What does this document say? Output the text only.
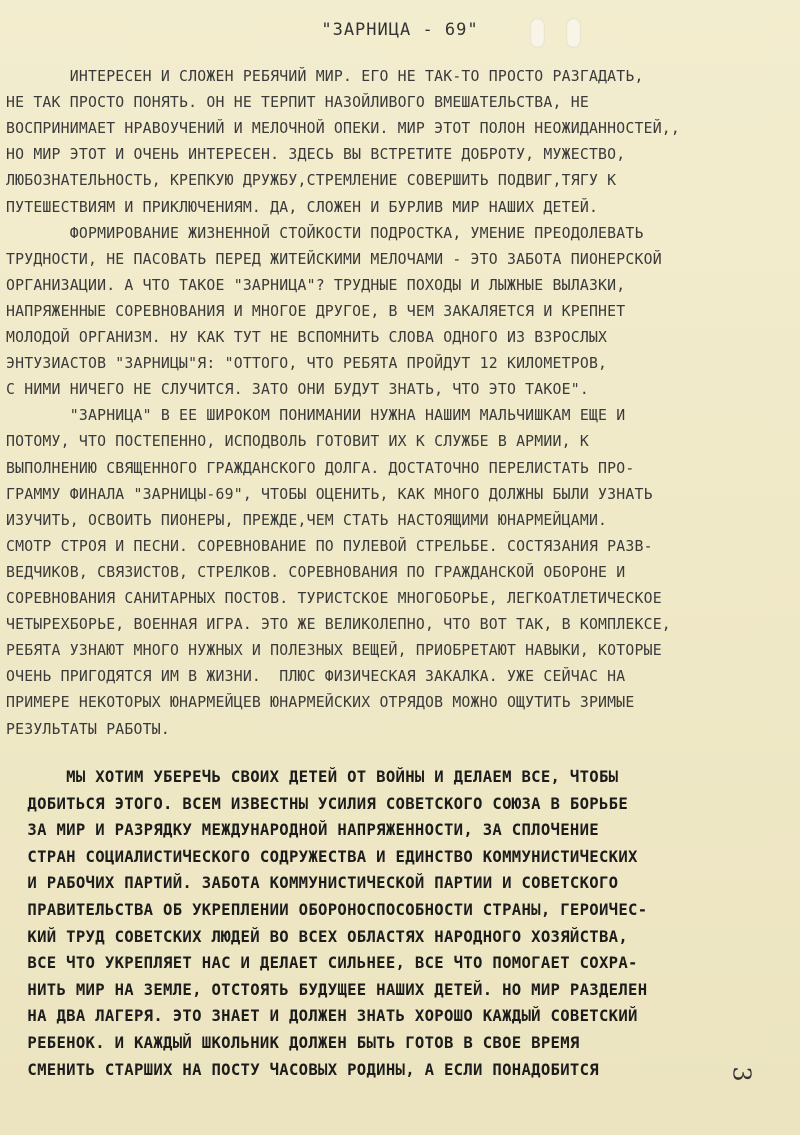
"ЗАРНИЦА - 69"
ИНТЕРЕСЕН И СЛОЖЕН РЕБЯЧИЙ МИР. ЕГО НЕ ТАК-ТО ПРОСТО РАЗГАДАТЬ,
НЕ ТАК ПРОСТО ПОНЯТЬ. ОН НЕ ТЕРПИТ НАЗОЙЛИВОГО ВМЕШАТЕЛЬСТВА, НЕ
ВОСПРИНИМАЕТ НРАВОУЧЕНИЙ И МЕЛОЧНОЙ ОПЕКИ. МИР ЭТОТ ПОЛОН НЕОЖИДАННОСТЕЙ,,
НО МИР ЭТОТ И ОЧЕНЬ ИНТЕРЕСЕН. ЗДЕСЬ ВЫ ВСТРЕТИТЕ ДОБРОТУ, МУЖЕСТВО,
ЛЮБОЗНАТЕЛЬНОСТЬ, КРЕПКУЮ ДРУЖБУ,СТРЕМЛЕНИЕ СОВЕРШИТЬ ПОДВИГ,ТЯГУ К
ПУТЕШЕСТВИЯМ И ПРИКЛЮЧЕНИЯМ. ДА, СЛОЖЕН И БУРЛИВ МИР НАШИХ ДЕТЕЙ.
ФОРМИРОВАНИЕ ЖИЗНЕННОЙ СТОЙКОСТИ ПОДРОСТКА, УМЕНИЕ ПРЕОДОЛЕВАТЬ
ТРУДНОСТИ, НЕ ПАСОВАТЬ ПЕРЕД ЖИТЕЙСКИМИ МЕЛОЧАМИ - ЭТО ЗАБОТА ПИОНЕРСКОЙ
ОРГАНИЗАЦИИ. А ЧТО ТАКОЕ "ЗАРНИЦА"? ТРУДНЫЕ ПОХОДЫ И ЛЫЖНЫЕ ВЫЛАЗКИ,
НАПРЯЖЕННЫЕ СОРЕВНОВАНИЯ И МНОГОЕ ДРУГОЕ, В ЧЕМ ЗАКАЛЯЕТСЯ И КРЕПНЕТ
МОЛОДОЙ ОРГАНИЗМ. НУ КАК ТУТ НЕ ВСПОМНИТЬ СЛОВА ОДНОГО ИЗ ВЗРОСЛЫХ
ЭНТУЗИАСТОВ "ЗАРНИЦЫ"Я: "ОТТОГО, ЧТО РЕБЯТА ПРОЙДУТ 12 КИЛОМЕТРОВ,
С НИМИ НИЧЕГО НЕ СЛУЧИТСЯ. ЗАТО ОНИ БУДУТ ЗНАТЬ, ЧТО ЭТО ТАКОЕ".
"ЗАРНИЦА" В ЕЕ ШИРОКОМ ПОНИМАНИИ НУЖНА НАШИМ МАЛЬЧИШКАМ ЕЩЕ И
ПОТОМУ, ЧТО ПОСТЕПЕННО, ИСПОДВОЛЬ ГОТОВИТ ИХ К СЛУЖБЕ В АРМИИ, К
ВЫПОЛНЕНИЮ СВЯЩЕННОГО ГРАЖДАНСКОГО ДОЛГА. ДОСТАТОЧНО ПЕРЕЛИСТАТЬ ПРО-
ГРАММУ ФИНАЛА "ЗАРНИЦЫ-69", ЧТОБЫ ОЦЕНИТЬ, КАК МНОГО ДОЛЖНЫ БЫЛИ УЗНАТЬ
ИЗУЧИТЬ, ОСВОИТЬ ПИОНЕРЫ, ПРЕЖДЕ,ЧЕМ СТАТЬ НАСТОЯЩИМИ ЮНАРМЕЙЦАМИ.
СМОТР СТРОЯ И ПЕСНИ. СОРЕВНОВАНИЕ ПО ПУЛЕВОЙ СТРЕЛЬБЕ. СОСТЯЗАНИЯ РАЗВ-
ВЕДЧИКОВ, СВЯЗИСТОВ, СТРЕЛКОВ. СОРЕВНОВАНИЯ ПО ГРАЖДАНСКОЙ ОБОРОНЕ И
СОРЕВНОВАНИЯ САНИТАРНЫХ ПОСТОВ. ТУРИСТСКОЕ МНОГОБОРЬЕ, ЛЕГКОАТЛЕТИЧЕСКОЕ
ЧЕТЫРЕХБОРЬЕ, ВОЕННАЯ ИГРА. ЭТО ЖЕ ВЕЛИКОЛЕПНО, ЧТО ВОТ ТАК, В КОМПЛЕКСЕ,
РЕБЯТА УЗНАЮТ МНОГО НУЖНЫХ И ПОЛЕЗНЫХ ВЕЩЕЙ, ПРИОБРЕТАЮТ НАВЫКИ, КОТОРЫЕ
ОЧЕНЬ ПРИГОДЯТСЯ ИМ В ЖИЗНИ.  ПЛЮС ФИЗИЧЕСКАЯ ЗАКАЛКА. УЖЕ СЕЙЧАС НА
ПРИМЕРЕ НЕКОТОРЫХ ЮНАРМЕЙЦЕВ ЮНАРМЕЙСКИХ ОТРЯДОВ МОЖНО ОЩУТИТЬ ЗРИМЫЕ
РЕЗУЛЬТАТЫ РАБОТЫ.
МЫ ХОТИМ УБЕРЕЧЬ СВОИХ ДЕТЕЙ ОТ ВОЙНЫ И ДЕЛАЕМ ВСЕ, ЧТОБЫ
ДОБИТЬСЯ ЭТОГО. ВСЕМ ИЗВЕСТНЫ УСИЛИЯ СОВЕТСКОГО СОЮЗА В БОРЬБЕ
ЗА МИР И РАЗРЯДКУ МЕЖДУНАРОДНОЙ НАПРЯЖЕННОСТИ, ЗА СПЛОЧЕНИЕ
СТРАН СОЦИАЛИСТИЧЕСКОГО СОДРУЖЕСТВА И ЕДИНСТВО КОММУНИСТИЧЕСКИХ
И РАБОЧИХ ПАРТИЙ. ЗАБОТА КОММУНИСТИЧЕСКОЙ ПАРТИИ И СОВЕТСКОГО
ПРАВИТЕЛЬСТВА ОБ УКРЕПЛЕНИИ ОБОРОНОСПОСОБНОСТИ СТРАНЫ, ГЕРОИЧЕС-
КИЙ ТРУД СОВЕТСКИХ ЛЮДЕЙ ВО ВСЕХ ОБЛАСТЯХ НАРОДНОГО ХОЗЯЙСТВА,
ВСЕ ЧТО УКРЕПЛЯЕТ НАС И ДЕЛАЕТ СИЛЬНЕЕ, ВСЕ ЧТО ПОМОГАЕТ СОХРА-
НИТЬ МИР НА ЗЕМЛЕ, ОТСТОЯТЬ БУДУЩЕЕ НАШИХ ДЕТЕЙ. НО МИР РАЗДЕЛЕН
НА ДВА ЛАГЕРЯ. ЭТО ЗНАЕТ И ДОЛЖЕН ЗНАТЬ ХОРОШО КАЖДЫЙ СОВЕТСКИЙ
РЕБЕНОК. И КАЖДЫЙ ШКОЛЬНИК ДОЛЖЕН БЫТЬ ГОТОВ В СВОЕ ВРЕМЯ
СМЕНИТЬ СТАРШИХ НА ПОСТУ ЧАСОВЫХ РОДИНЫ, А ЕСЛИ ПОНАДОБИТСЯ	3
